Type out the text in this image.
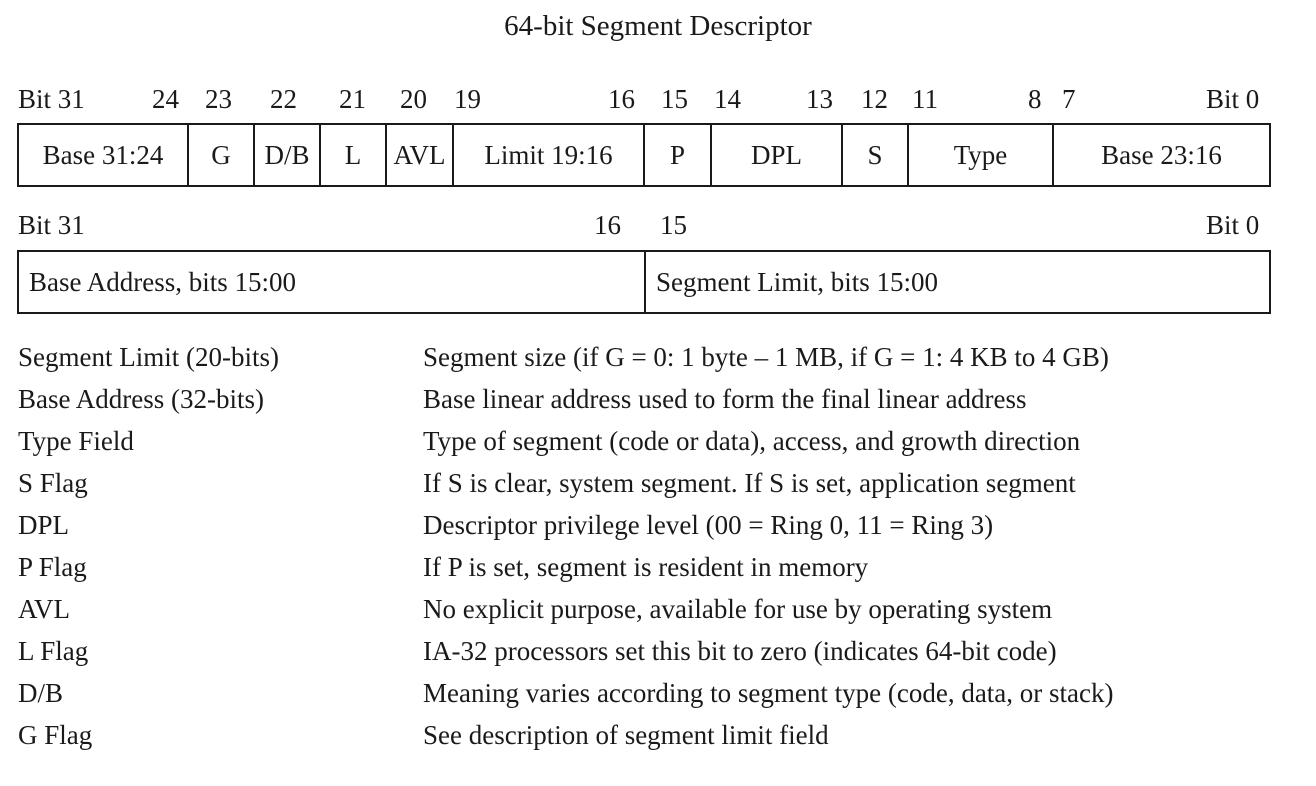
64-bit Segment Descriptor
Bit 31 24 23 22 21 20 19	16 15 14 13 12 11	8 7	Bit 0
Base 31:24	G	D/B	L	AVL	Limit 19:16	P	DPL	S	Type	Base 23:16
Bit 31	16 15	Bit 0
Base Address, bits 15:00	Segment Limit, bits 15:00
Segment Limit (20-bits)	Segment size (if G = 0: 1 byte – 1 MB, if G = 1: 4 KB to 4 GB)
Base Address (32-bits)	Base linear address used to form the final linear address
Type Field	Type of segment (code or data), access, and growth direction
S Flag	If S is clear, system segment. If S is set, application segment
DPL	Descriptor privilege level (00 = Ring 0, 11 = Ring 3)
P Flag	If P is set, segment is resident in memory
AVL	No explicit purpose, available for use by operating system
L Flag	IA-32 processors set this bit to zero (indicates 64-bit code)
D/B	Meaning varies according to segment type (code, data, or stack)
G Flag	See description of segment limit field
